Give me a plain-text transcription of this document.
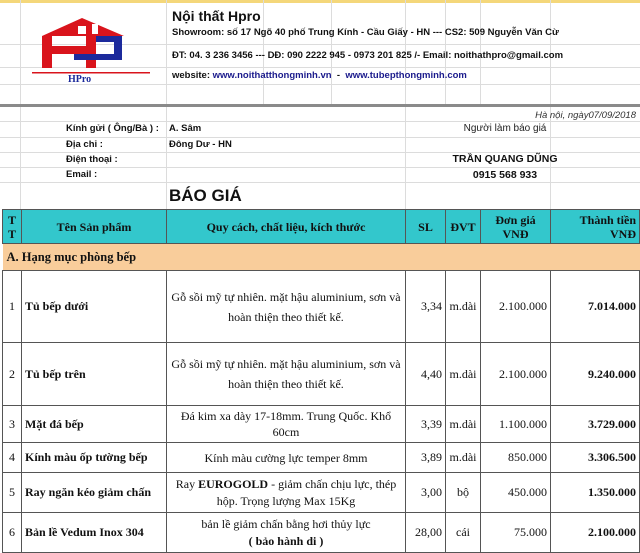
HPro
Nội thất Hpro
Showroom: số 17 Ngõ 40 phố Trung Kính - Cầu Giấy - HN --- CS2: 509 Nguyễn Văn Cừ
ĐT: 04. 3 236 3456 --- DĐ: 090 2222 945 - 0973 201 825 /- Email: noithathpro@gmail.com
website: www.noithatthongminh.vn  -  www.tubepthongminh.com
Hà nội, ngày07/09/2018
Kính gửi ( Ông/Bà ) : A. Sâm
Địa chỉ :	Đông Dư - HN
Điện thoại :
Email :
Người làm báo giá
TRẦN QUANG DŨNG
0915 568 933
BÁO GIÁ
T T	Tên Sản phẩm	Quy cách, chất liệu, kích thước	SL	ĐVT	Đơn giá VNĐ	Thành tiền VNĐ
A. Hạng mục phòng bếp						
1	Tủ bếp dưới	Gỗ sồi mỹ tự nhiên. mặt hậu aluminium, sơn và hoàn thiện theo thiết kế.	3,34	m.dài	2.100.000	7.014.000
2	Tủ bếp trên	Gỗ sồi mỹ tự nhiên. mặt hậu aluminium, sơn và hoàn thiện theo thiết kế.	4,40	m.dài	2.100.000	9.240.000
3	Mặt đá bếp	Đá kim xa dày 17-18mm. Trung Quốc. Khổ 60cm	3,39	m.dài	1.100.000	3.729.000
4	Kính màu ốp tường bếp	Kính màu cường lực temper 8mm	3,89	m.dài	850.000	3.306.500
5	Ray ngăn kéo giảm chấn	Ray EUROGOLD - giảm chấn chịu lực, thép hộp. Trọng lượng Max 15Kg	3,00	bộ	450.000	1.350.000
6	Bản lề Vedum Inox 304	bản lề giảm chấn bằng hơi thủy lực
( bảo hành di )	28,00	cái	75.000	2.100.000
